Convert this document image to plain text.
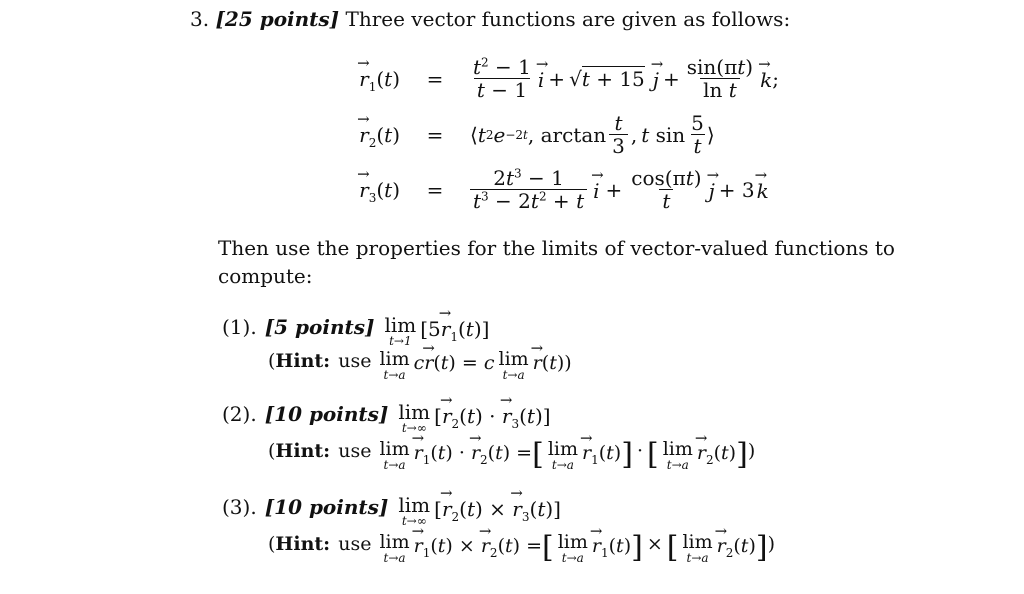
3. [25 points] Three vector functions are given as follows:
→ $r_1(t)$	=	$\frac{t^2 - 1}{t - 1}$
→ i + √t + 15
→ $j + \frac{\sin(\pi t)}{\text{ln t}}$
→ k ;
→ $r_2(t)$	=	⟨ t 2 e −2t , $\arctan \frac{t}{3}$ , t $\sin \frac{5}{t}$ ⟩
→ $r_3(t)$	=	$\frac{2t^3 - 1}{t^3 - 2t^2 + t}$
→ $i + \frac{\cos(\pi t)}{t}$
→ j + 3
→ k
Then use the properties for the limits of vector-valued functions to
compute:
(1). [5 points] lim
t→1 $[5\to r_1(t)]$
( Hint: use lim
t→a
c→ r(t) = c lim
t→a
→ r(t))
(2). [10 points] lim
t→∞ [→ $r_2(t)$ · → $r_3(t)$]
( Hint: use lim
t→a
→ $r_1(t)$ · → $r_2(t)$ = [ lim
t→a
→ $r_1(t)$ ] · [ lim
t→a
→ $r_2(t)$ ] )
(3). [10 points] lim
t→∞ [→ $r_2(t)$ × → $r_3(t)$]
( Hint: use lim
t→a
→ $r_1(t)$ × → $r_2(t)$ = [ lim
t→a
→ $r_1(t)$ ] × [ lim
t→a
→ $r_2(t)$ ] )
